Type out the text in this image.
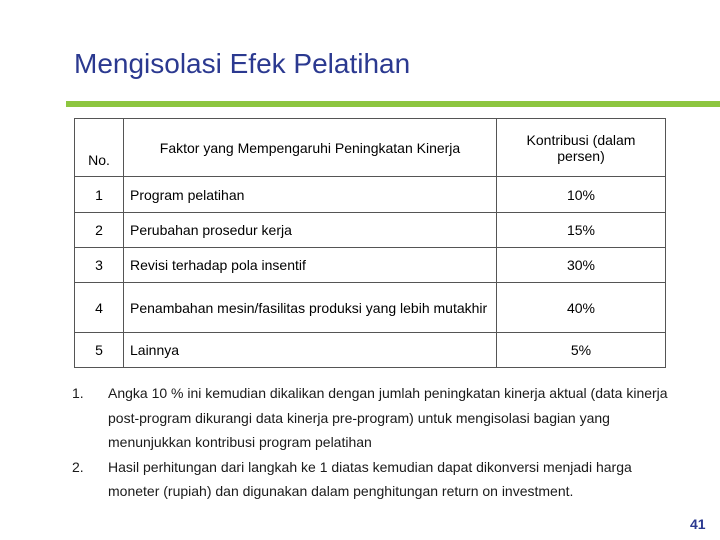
Mengisolasi Efek Pelatihan
No.	Faktor yang Mempengaruhi Peningkatan Kinerja	Kontribusi (dalam persen)
1	Program pelatihan	10%
2	Perubahan prosedur kerja	15%
3	Revisi terhadap pola insentif	30%
4	Penambahan mesin/fasilitas produksi yang lebih mutakhir	40%
5	Lainnya	5%
1.	Angka 10 % ini kemudian dikalikan dengan jumlah peningkatan kinerja aktual (data kinerja post-program dikurangi data kinerja pre-program) untuk mengisolasi bagian yang menunjukkan kontribusi program pelatihan
2.	Hasil perhitungan dari langkah ke 1 diatas kemudian dapat dikonversi menjadi harga moneter (rupiah) dan digunakan dalam penghitungan return on investment.
41
